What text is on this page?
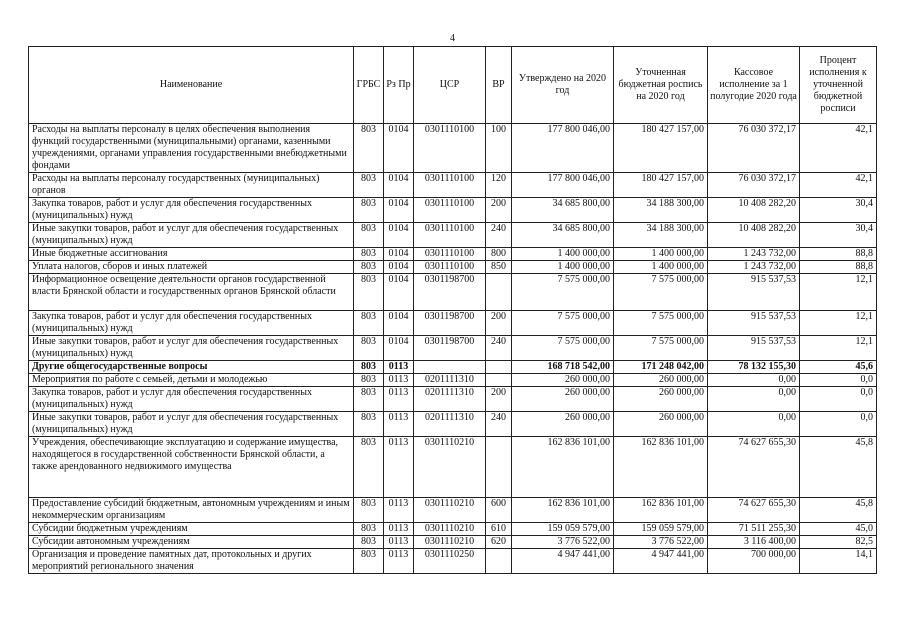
4
Наименование	ГРБС	Рз Пр	ЦСР	ВР	Утверждено на 2020 год	Уточненная бюджетная роспись на 2020 год	Кассовое исполнение за 1 полугодие 2020 года	Процент исполнения к уточненной бюджетной росписи
Расходы на выплаты персоналу в целях обеспечения выполнения функций государственными (муниципальными) органами, казенными учреждениями, органами управления государственными внебюджетными фондами	803	0104	0301110100	100	177 800 046,00	180 427 157,00	76 030 372,17	42,1
Расходы на выплаты персоналу государственных (муниципальных) органов	803	0104	0301110100	120	177 800 046,00	180 427 157,00	76 030 372,17	42,1
Закупка товаров, работ и услуг для обеспечения государственных (муниципальных) нужд	803	0104	0301110100	200	34 685 800,00	34 188 300,00	10 408 282,20	30,4
Иные закупки товаров, работ и услуг для обеспечения государственных (муниципальных) нужд	803	0104	0301110100	240	34 685 800,00	34 188 300,00	10 408 282,20	30,4
Иные бюджетные ассигнования	803	0104	0301110100	800	1 400 000,00	1 400 000,00	1 243 732,00	88,8
Уплата налогов, сборов и иных платежей	803	0104	0301110100	850	1 400 000,00	1 400 000,00	1 243 732,00	88,8
Информационное освещение деятельности органов государственной власти Брянской области и государственных органов Брянской области	803	0104	0301198700		7 575 000,00	7 575 000,00	915 537,53	12,1
Закупка товаров, работ и услуг для обеспечения государственных (муниципальных) нужд	803	0104	0301198700	200	7 575 000,00	7 575 000,00	915 537,53	12,1
Иные закупки товаров, работ и услуг для обеспечения государственных (муниципальных) нужд	803	0104	0301198700	240	7 575 000,00	7 575 000,00	915 537,53	12,1
Другие общегосударственные вопросы	803	0113			168 718 542,00	171 248 042,00	78 132 155,30	45,6
Мероприятия по работе с семьей, детьми и молодежью	803	0113	0201111310		260 000,00	260 000,00	0,00	0,0
Закупка товаров, работ и услуг для обеспечения государственных (муниципальных) нужд	803	0113	0201111310	200	260 000,00	260 000,00	0,00	0,0
Иные закупки товаров, работ и услуг для обеспечения государственных (муниципальных) нужд	803	0113	0201111310	240	260 000,00	260 000,00	0,00	0,0
Учреждения, обеспечивающие эксплуатацию и содержание имущества, находящегося в государственной собственности Брянской области, а также арендованного недвижимого имущества	803	0113	0301110210		162 836 101,00	162 836 101,00	74 627 655,30	45,8
Предоставление субсидий бюджетным, автономным учреждениям и иным некоммерческим организациям	803	0113	0301110210	600	162 836 101,00	162 836 101,00	74 627 655,30	45,8
Субсидии бюджетным учреждениям	803	0113	0301110210	610	159 059 579,00	159 059 579,00	71 511 255,30	45,0
Субсидии автономным учреждениям	803	0113	0301110210	620	3 776 522,00	3 776 522,00	3 116 400,00	82,5
Организация и проведение памятных дат, протокольных и других мероприятий регионального значения	803	0113	0301110250		4 947 441,00	4 947 441,00	700 000,00	14,1
